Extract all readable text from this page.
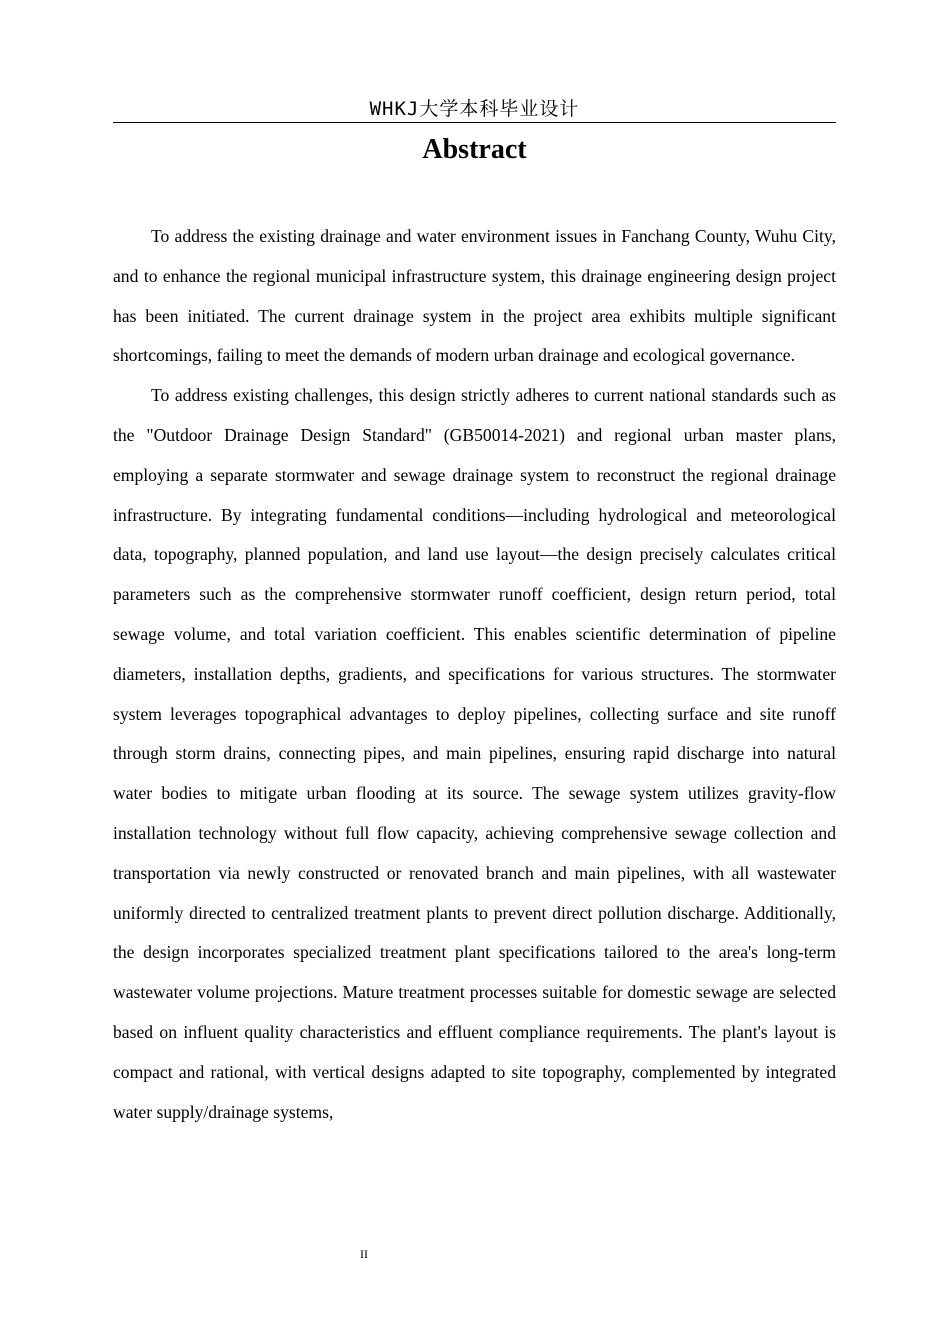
WHKJ大学本科毕业设计
Abstract

To address the existing drainage and water environment issues in Fanchang County, Wuhu City, and to enhance the regional municipal infrastructure system, this drainage engineering design project has been initiated. The current drainage system in the project area exhibits multiple significant shortcomings, failing to meet the demands of modern urban drainage and ecological governance.

To address existing challenges, this design strictly adheres to current national standards such as the "Outdoor Drainage Design Standard" (GB50014-2021) and regional urban master plans, employing a separate stormwater and sewage drainage system to reconstruct the regional drainage infrastructure. By integrating fundamental conditions—including hydrological and meteorological data, topography, planned population, and land use layout—the design precisely calculates critical parameters such as the comprehensive stormwater runoff coefficient, design return period, total sewage volume, and total variation coefficient. This enables scientific determination of pipeline diameters, installation depths, gradients, and specifications for various structures. The stormwater system leverages topographical advantages to deploy pipelines, collecting surface and site runoff through storm drains, connecting pipes, and main pipelines, ensuring rapid discharge into natural water bodies to mitigate urban flooding at its source. The sewage system utilizes gravity-flow installation technology without full flow capacity, achieving comprehensive sewage collection and transportation via newly constructed or renovated branch and main pipelines, with all wastewater uniformly directed to centralized treatment plants to prevent direct pollution discharge. Additionally, the design incorporates specialized treatment plant specifications tailored to the area's long-term wastewater volume projections. Mature treatment processes suitable for domestic sewage are selected based on influent quality characteristics and effluent compliance requirements. The plant's layout is compact and rational, with vertical designs adapted to site topography, complemented by integrated water supply/drainage systems,

II
